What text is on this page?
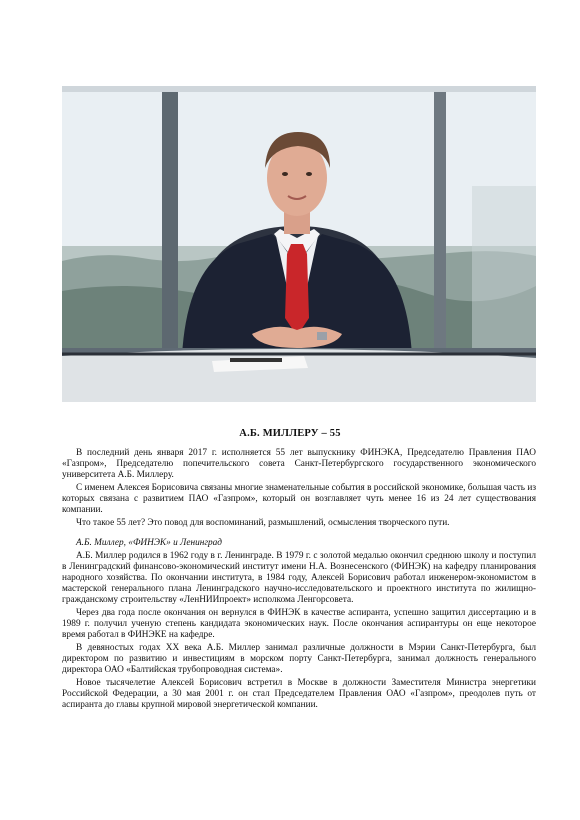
А.Б. МИЛЛЕРУ – 55

В последний день января 2017 г. исполняется 55 лет выпускнику ФИНЭКА, Председателю Правления ПАО «Газпром», Председателю попечительского совета Санкт-Петербургского государственного экономического университета А.Б. Миллеру.

С именем Алексея Борисовича связаны многие знаменательные события в российской экономике, большая часть из которых связана с развитием ПАО «Газпром», который он возглавляет чуть менее 16 из 24 лет существования компании.

Что такое 55 лет? Это повод для воспоминаний, размышлений, осмысления творческого пути.

А.Б. Миллер, «ФИНЭК» и Ленинград

А.Б. Миллер родился в 1962 году в г. Ленинграде. В 1979 г. с золотой медалью окончил среднюю школу и поступил в Ленинградский финансово-экономический институт имени Н.А. Вознесенского (ФИНЭК) на кафедру планирования народного хозяйства. По окончании института, в 1984 году, Алексей Борисович работал инженером-экономистом в мастерской генерального плана Ленинградского научно-исследовательского и проектного института по жилищно-гражданскому строительству «ЛенНИИпроект» исполкома Ленгорсовета.

Через два года после окончания он вернулся в ФИНЭК в качестве аспиранта, успешно защитил диссертацию и в 1989 г. получил ученую степень кандидата экономических наук. После окончания аспирантуры он еще некоторое время работал в ФИНЭКЕ на кафедре.

В девяностых годах XX века А.Б. Миллер занимал различные должности в Мэрии Санкт-Петербурга, был директором по развитию и инвестициям в морском порту Санкт-Петербурга, занимал должность генерального директора ОАО «Балтийская трубопроводная система».

Новое тысячелетие Алексей Борисович встретил в Москве в должности Заместителя Министра энергетики Российской Федерации, а 30 мая 2001 г. он стал Председателем Правления ОАО «Газпром», преодолев путь от аспиранта до главы крупной мировой энергетической компании.
